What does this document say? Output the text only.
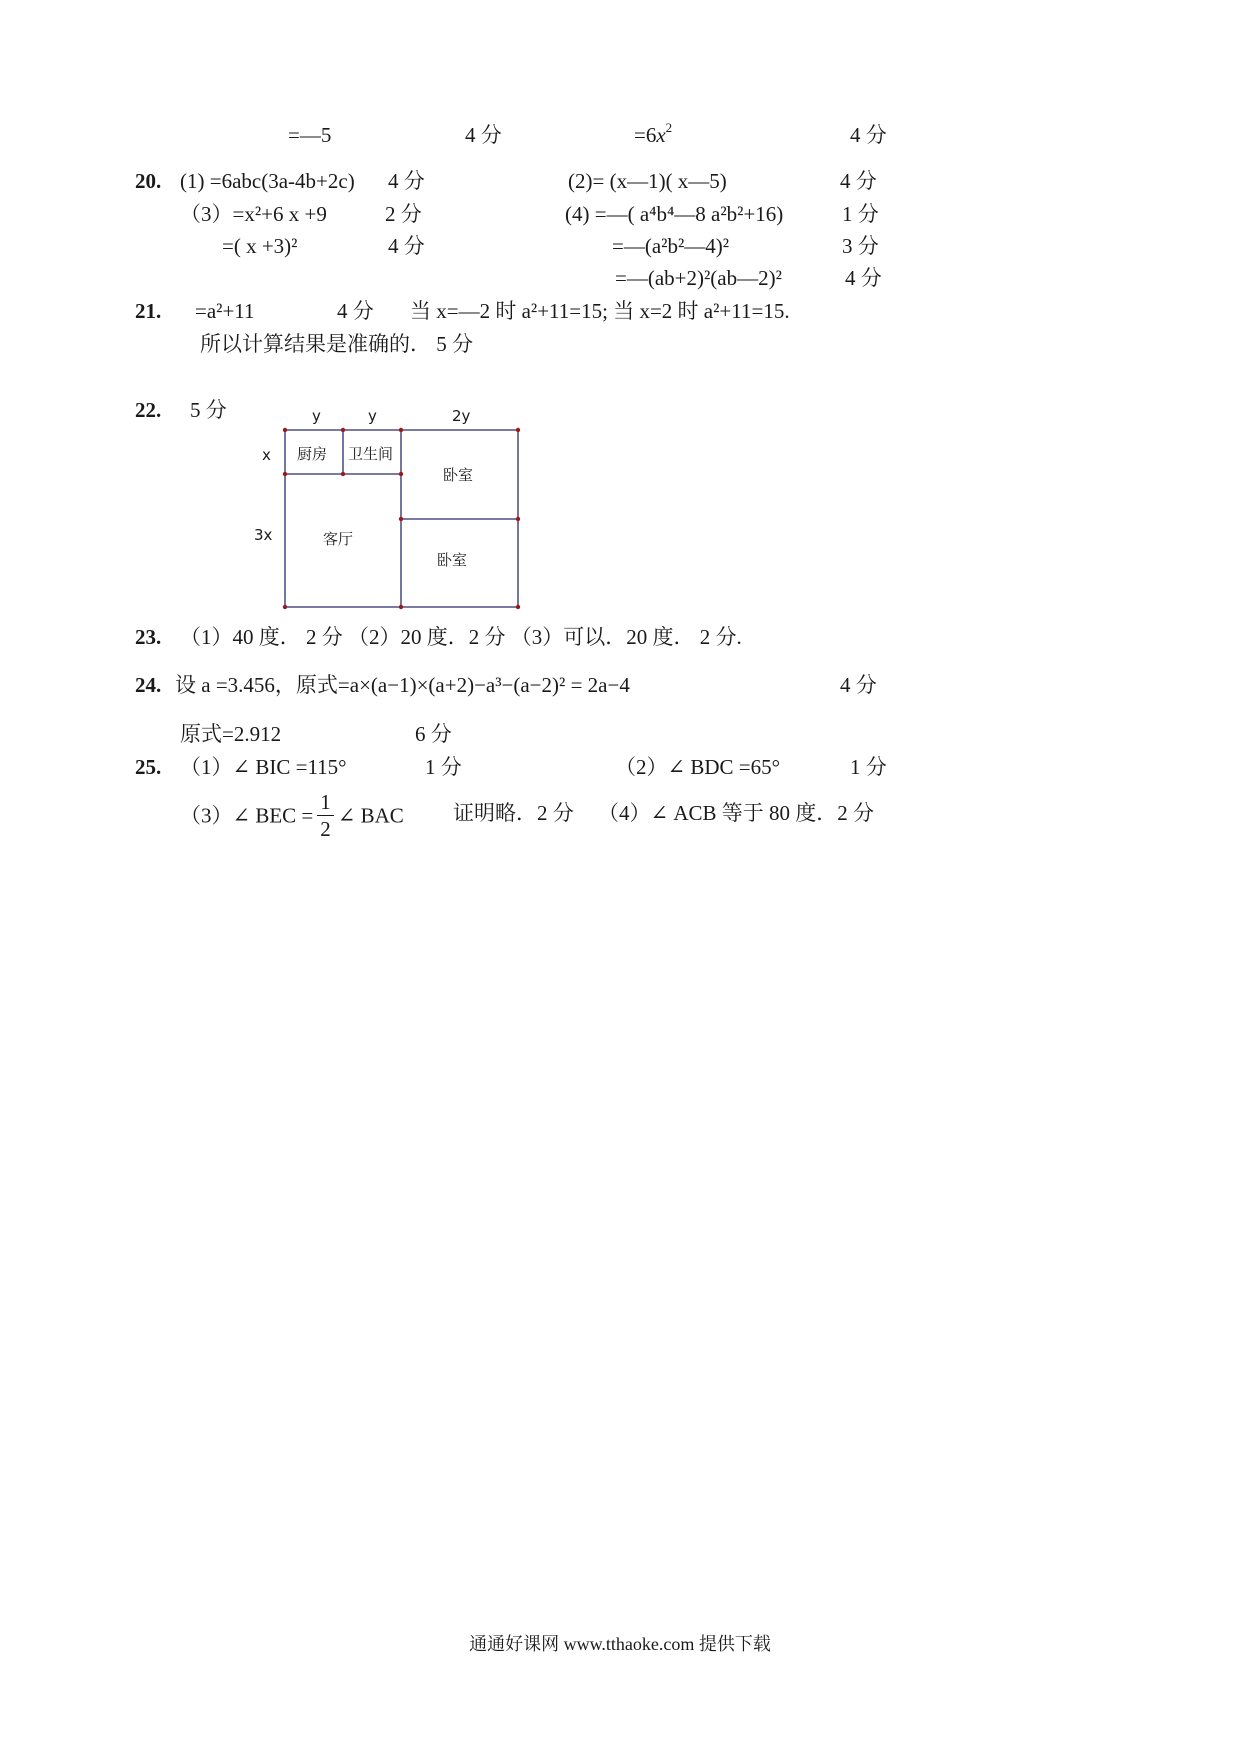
=—5	4 分	$=6x^2$	4 分
20. (1) =6abc(3a-4b+2c) 4 分	(2)= (x—1)( x—5)	4 分
（3）=x²+6 x +9	2 分	(4) =—( a⁴b⁴—8 a²b²+16)	1 分
=( x +3)²	4 分	=—(a²b²—4)²	3 分
=—(ab+2)²(ab—2)²	4 分
21. =a²+11	4 分 当 x=—2 时 a²+11=15; 当 x=2 时 a²+11=15.
所以计算结果是准确的． 5 分
22. 5 分	y	y	2y
x
3x
厨房 卫生间
卧室
客厅
卧室
23. （1）40 度． 2 分 （2）20 度．2 分 （3）可以．20 度． 2 分.
24. 设 a =3.456，原式=a×(a−1)×(a+2)−a³−(a−2)² = 2a−4	4 分
原式=2.912	6 分
25. （1）∠ BIC =115°	1 分	（2）∠ BDC =65°	1 分
（3）∠ BEC = $\frac{1}{2}$ ∠ BAC 证明略．2 分 （4）∠ ACB 等于 80 度．2 分
通通好课网 www.tthaoke.com 提供下载
